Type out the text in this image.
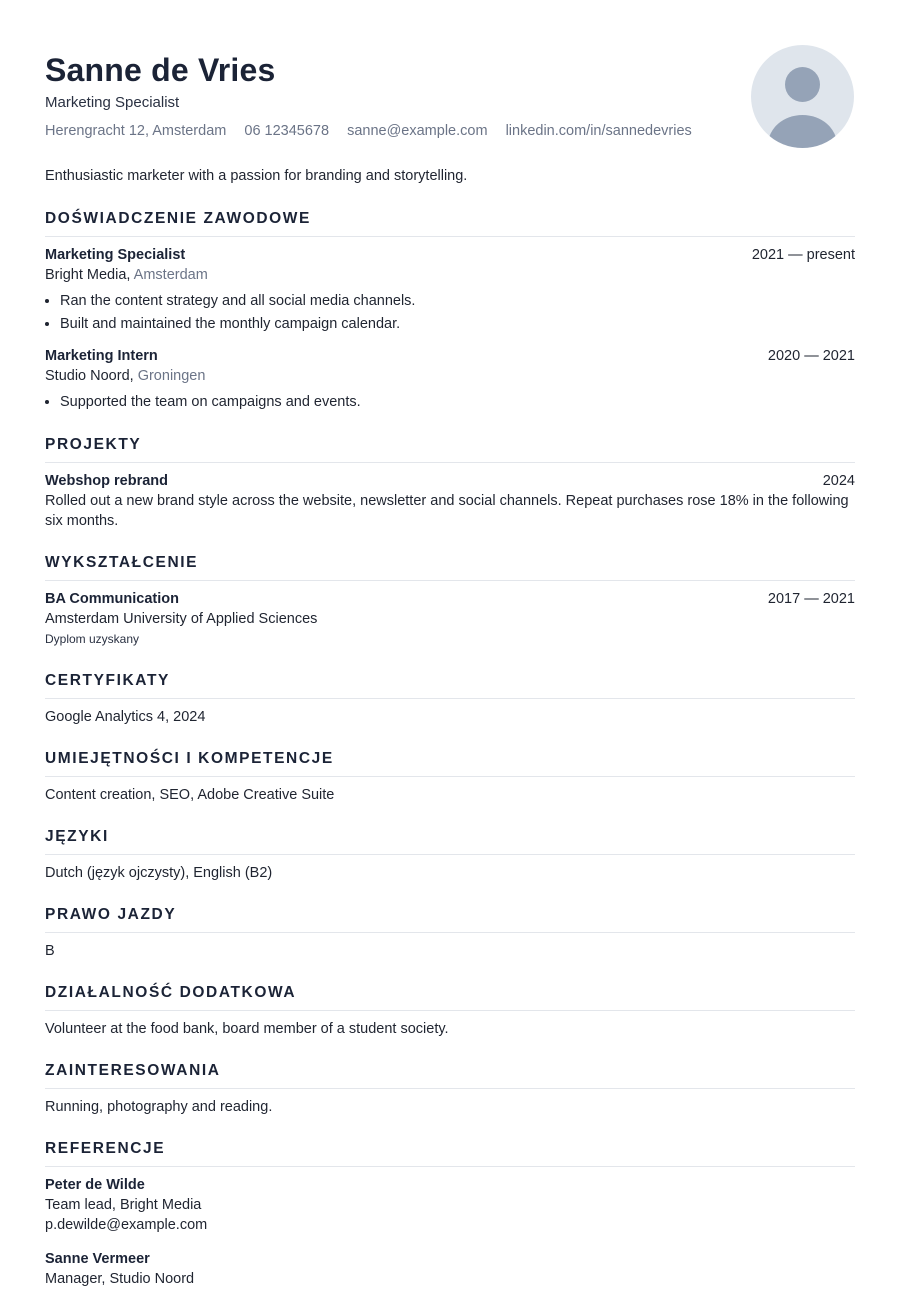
Sanne de Vries
Marketing Specialist
Herengracht 12, Amsterdam 06 12345678 sanne@example.com linkedin.com/in/sannedevries
Enthusiastic marketer with a passion for branding and storytelling.
DOŚWIADCZENIE ZAWODOWE
Marketing Specialist	2021 — present
Bright Media, Amsterdam
• Ran the content strategy and all social media channels.
• Built and maintained the monthly campaign calendar.
Marketing Intern	2020 — 2021
Studio Noord, Groningen
• Supported the team on campaigns and events.
PROJEKTY
Webshop rebrand	2024
Rolled out a new brand style across the website, newsletter and social channels. Repeat purchases rose 18% in the following six months.
WYKSZTAŁCENIE
BA Communication	2017 — 2021
Amsterdam University of Applied Sciences
Dyplom uzyskany
CERTYFIKATY
Google Analytics 4, 2024
UMIEJĘTNOŚCI I KOMPETENCJE
Content creation, SEO, Adobe Creative Suite
JĘZYKI
Dutch (język ojczysty), English (B2)
PRAWO JAZDY
B
DZIAŁALNOŚĆ DODATKOWA
Volunteer at the food bank, board member of a student society.
ZAINTERESOWANIA
Running, photography and reading.
REFERENCJE
Peter de Wilde
Team lead, Bright Media
p.dewilde@example.com
Sanne Vermeer
Manager, Studio Noord
